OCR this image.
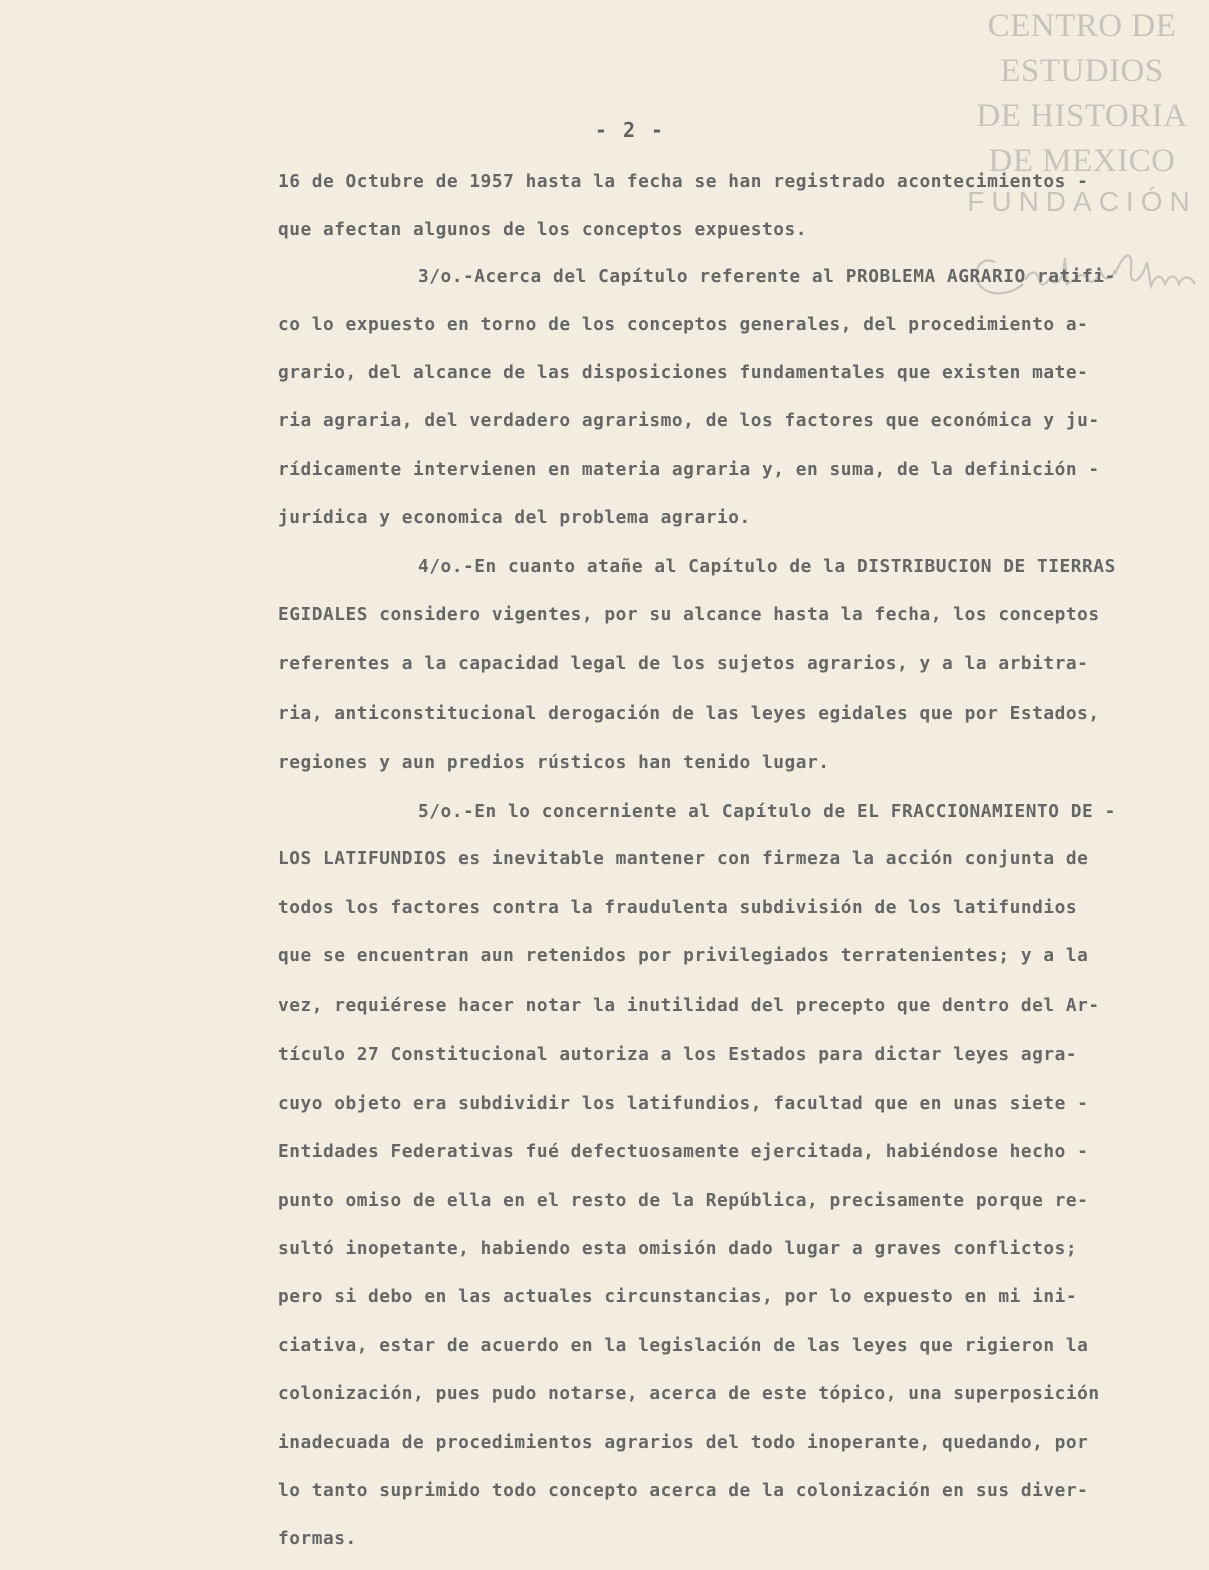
CENTRO DE
ESTUDIOS
DE HISTORIA
DE MEXICO
FUNDACIÓN
- 2 -
16 de Octubre de 1957 hasta la fecha se han registrado acontecimientos -
que afectan algunos de los conceptos expuestos.
3/o.-Acerca del Capítulo referente al PROBLEMA AGRARIO ratifi-
co lo expuesto en torno de los conceptos generales, del procedimiento a-
grario, del alcance de las disposiciones fundamentales que existen mate-
ria agraria, del verdadero agrarismo, de los factores que económica y ju-
rídicamente intervienen en materia agraria y, en suma, de la definición -
jurídica y economica del problema agrario.
4/o.-En cuanto atañe al Capítulo de la DISTRIBUCION DE TIERRAS
EGIDALES considero vigentes, por su alcance hasta la fecha, los conceptos
referentes a la capacidad legal de los sujetos agrarios, y a la arbitra-
ria, anticonstitucional derogación de las leyes egidales que por Estados,
regiones y aun predios rústicos han tenido lugar.
5/o.-En lo concerniente al Capítulo de EL FRACCIONAMIENTO DE -
LOS LATIFUNDIOS es inevitable mantener con firmeza la acción conjunta de
todos los factores contra la fraudulenta subdivisión de los latifundios
que se encuentran aun retenidos por privilegiados terratenientes; y a la
vez, requiérese hacer notar la inutilidad del precepto que dentro del Ar-
tículo 27 Constitucional autoriza a los Estados para dictar leyes agra-
cuyo objeto era subdividir los latifundios, facultad que en unas siete -
Entidades Federativas fué defectuosamente ejercitada, habiéndose hecho -
punto omiso de ella en el resto de la República, precisamente porque re-
sultó inopetante, habiendo esta omisión dado lugar a graves conflictos;
pero si debo en las actuales circunstancias, por lo expuesto en mi ini-
ciativa, estar de acuerdo en la legislación de las leyes que rigieron la
colonización, pues pudo notarse, acerca de este tópico, una superposición
inadecuada de procedimientos agrarios del todo inoperante, quedando, por
lo tanto suprimido todo concepto acerca de la colonización en sus diver-
formas.
